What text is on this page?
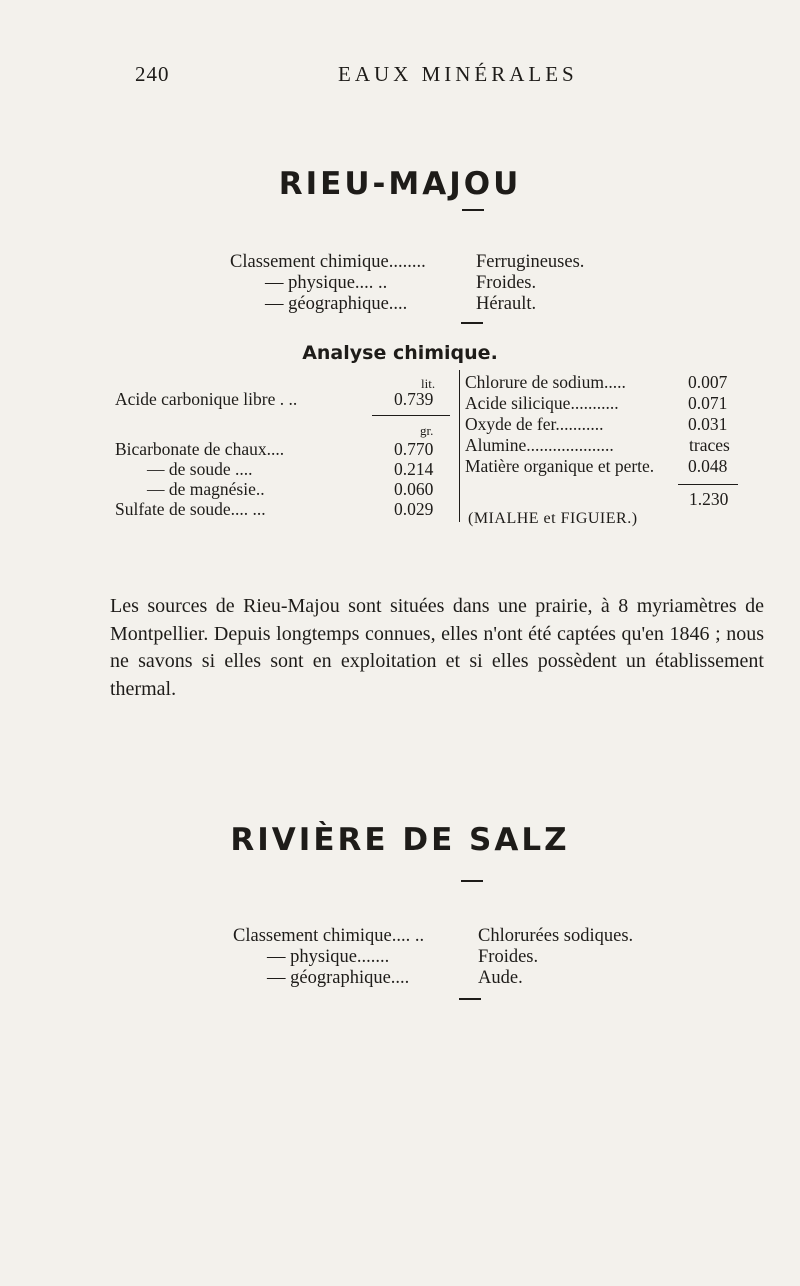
240	EAUX MINÉRALES
RIEU-MAJOU
Classement chimique........	Ferrugineuses.
— physique.... ..	Froides.
— géographique....	Hérault.
Analyse chimique.
lit.
Acide carbonique libre . ..	0.739
gr.
Bicarbonate de chaux....	0.770
— de soude ....	0.214
— de magnésie..	0.060
Sulfate de soude.... ...	0.029
Chlorure de sodium.....	0.007
Acide silicique...........	0.071
Oxyde de fer...........	0.031
Alumine....................	traces
Matière organique et perte. 0.048
1.230
(MIALHE et FIGUIER.)

Les sources de Rieu-Majou sont situées dans une prairie, à 8 myriamètres de Montpellier. Depuis longtemps connues, elles n'ont été captées qu'en 1846 ; nous ne savons si elles sont en exploitation et si elles possèdent un établissement thermal.

RIVIÈRE DE SALZ
Classement chimique.... ..	Chlorurées sodiques.
— physique.......	Froides.
— géographique....	Aude.
